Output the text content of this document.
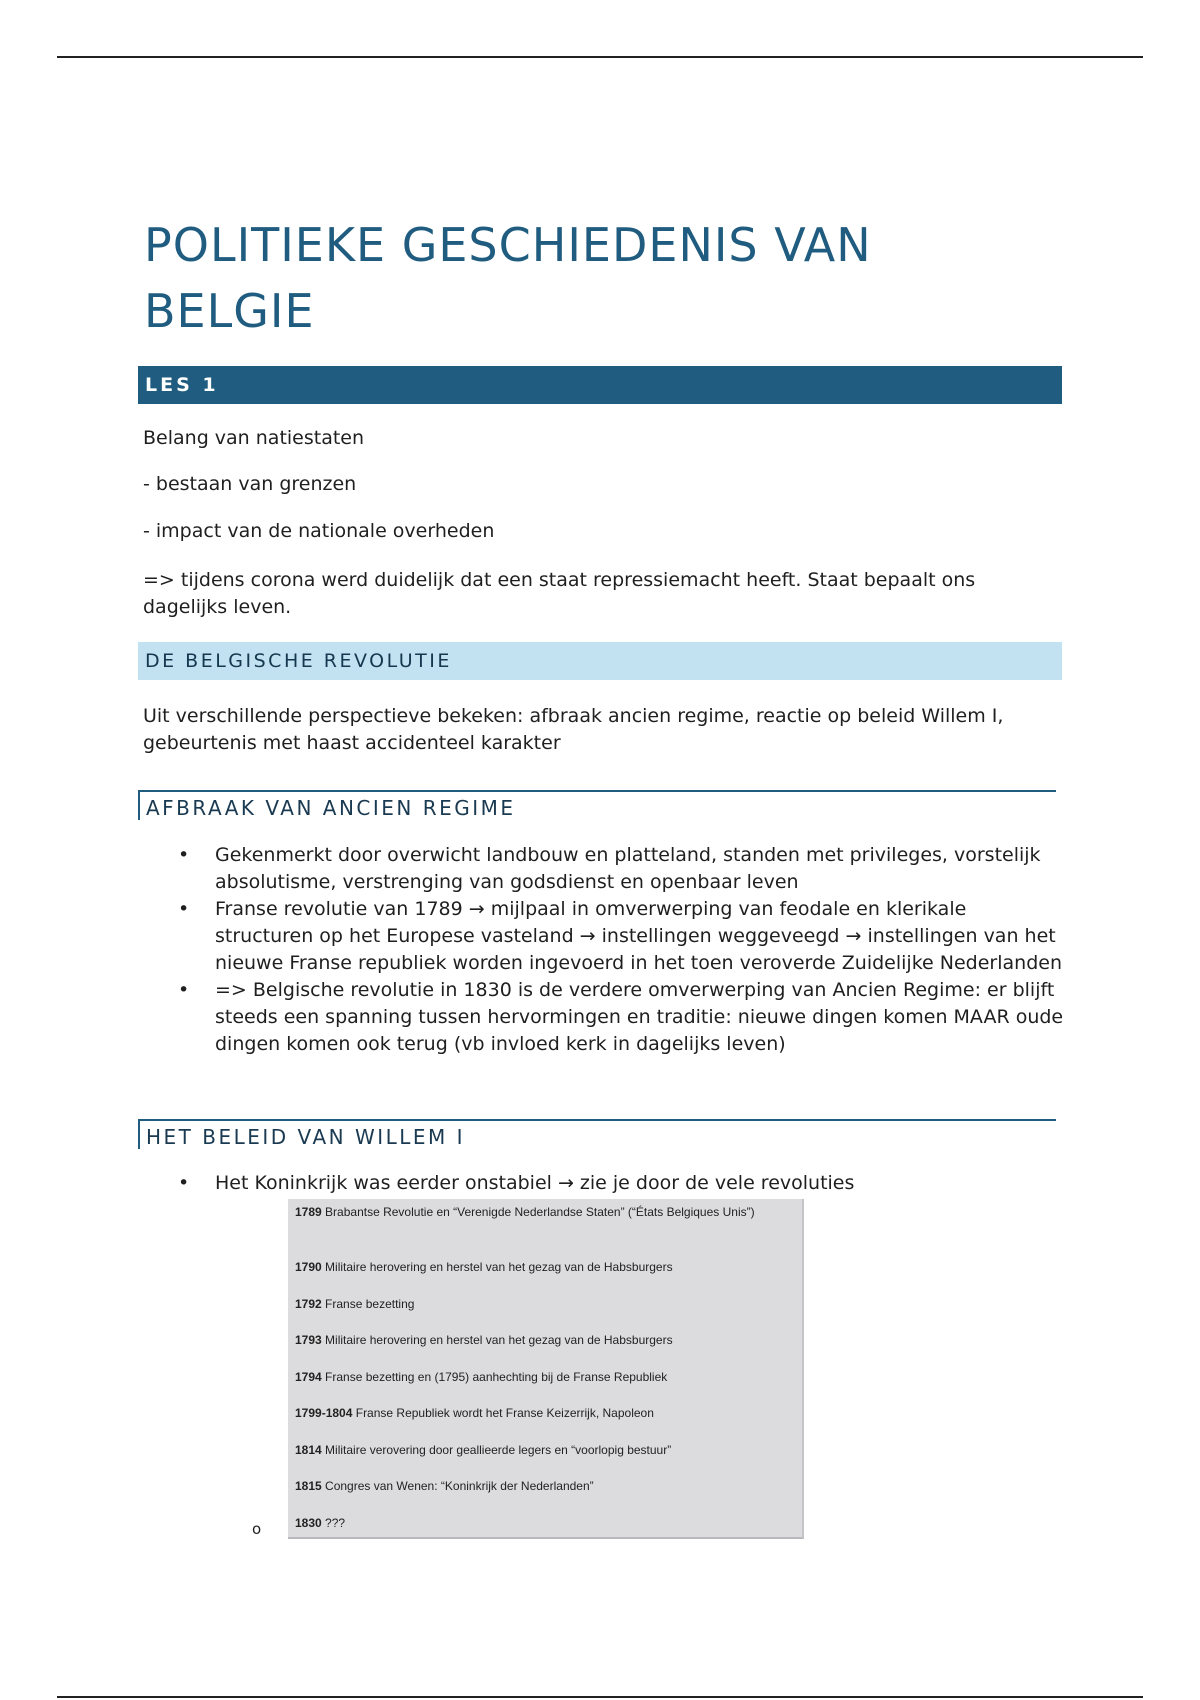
POLITIEKE GESCHIEDENIS VAN BELGIE
LES 1
Belang van natiestaten
- bestaan van grenzen
- impact van de nationale overheden
=> tijdens corona werd duidelijk dat een staat repressiemacht heeft. Staat bepaalt ons dagelijks leven.
DE BELGISCHE REVOLUTIE
Uit verschillende perspectieve bekeken: afbraak ancien regime, reactie op beleid Willem I, gebeurtenis met haast accidenteel karakter
AFBRAAK VAN ANCIEN REGIME
• Gekenmerkt door overwicht landbouw en platteland, standen met privileges, vorstelijk absolutisme, verstrenging van godsdienst en openbaar leven
• Franse revolutie van 1789 → mijlpaal in omverwerping van feodale en klerikale structuren op het Europese vasteland → instellingen weggeveegd → instellingen van het nieuwe Franse republiek worden ingevoerd in het toen veroverde Zuidelijke Nederlanden
• => Belgische revolutie in 1830 is de verdere omverwerping van Ancien Regime: er blijft steeds een spanning tussen hervormingen en traditie: nieuwe dingen komen MAAR oude dingen komen ook terug (vb invloed kerk in dagelijks leven)
HET BELEID VAN WILLEM I
• Het Koninkrijk was eerder onstabiel → zie je door de vele revoluties
1789 Brabantse Revolutie en “Verenigde Nederlandse Staten” (“États Belgiques Unis”)
1790 Militaire herovering en herstel van het gezag van de Habsburgers
1792 Franse bezetting
1793 Militaire herovering en herstel van het gezag van de Habsburgers
1794 Franse bezetting en (1795) aanhechting bij de Franse Republiek
1799-1804 Franse Republiek wordt het Franse Keizerrijk, Napoleon
1814 Militaire verovering door geallieerde legers en “voorlopig bestuur”
1815 Congres van Wenen: “Koninkrijk der Nederlanden”
1830 ???
o
